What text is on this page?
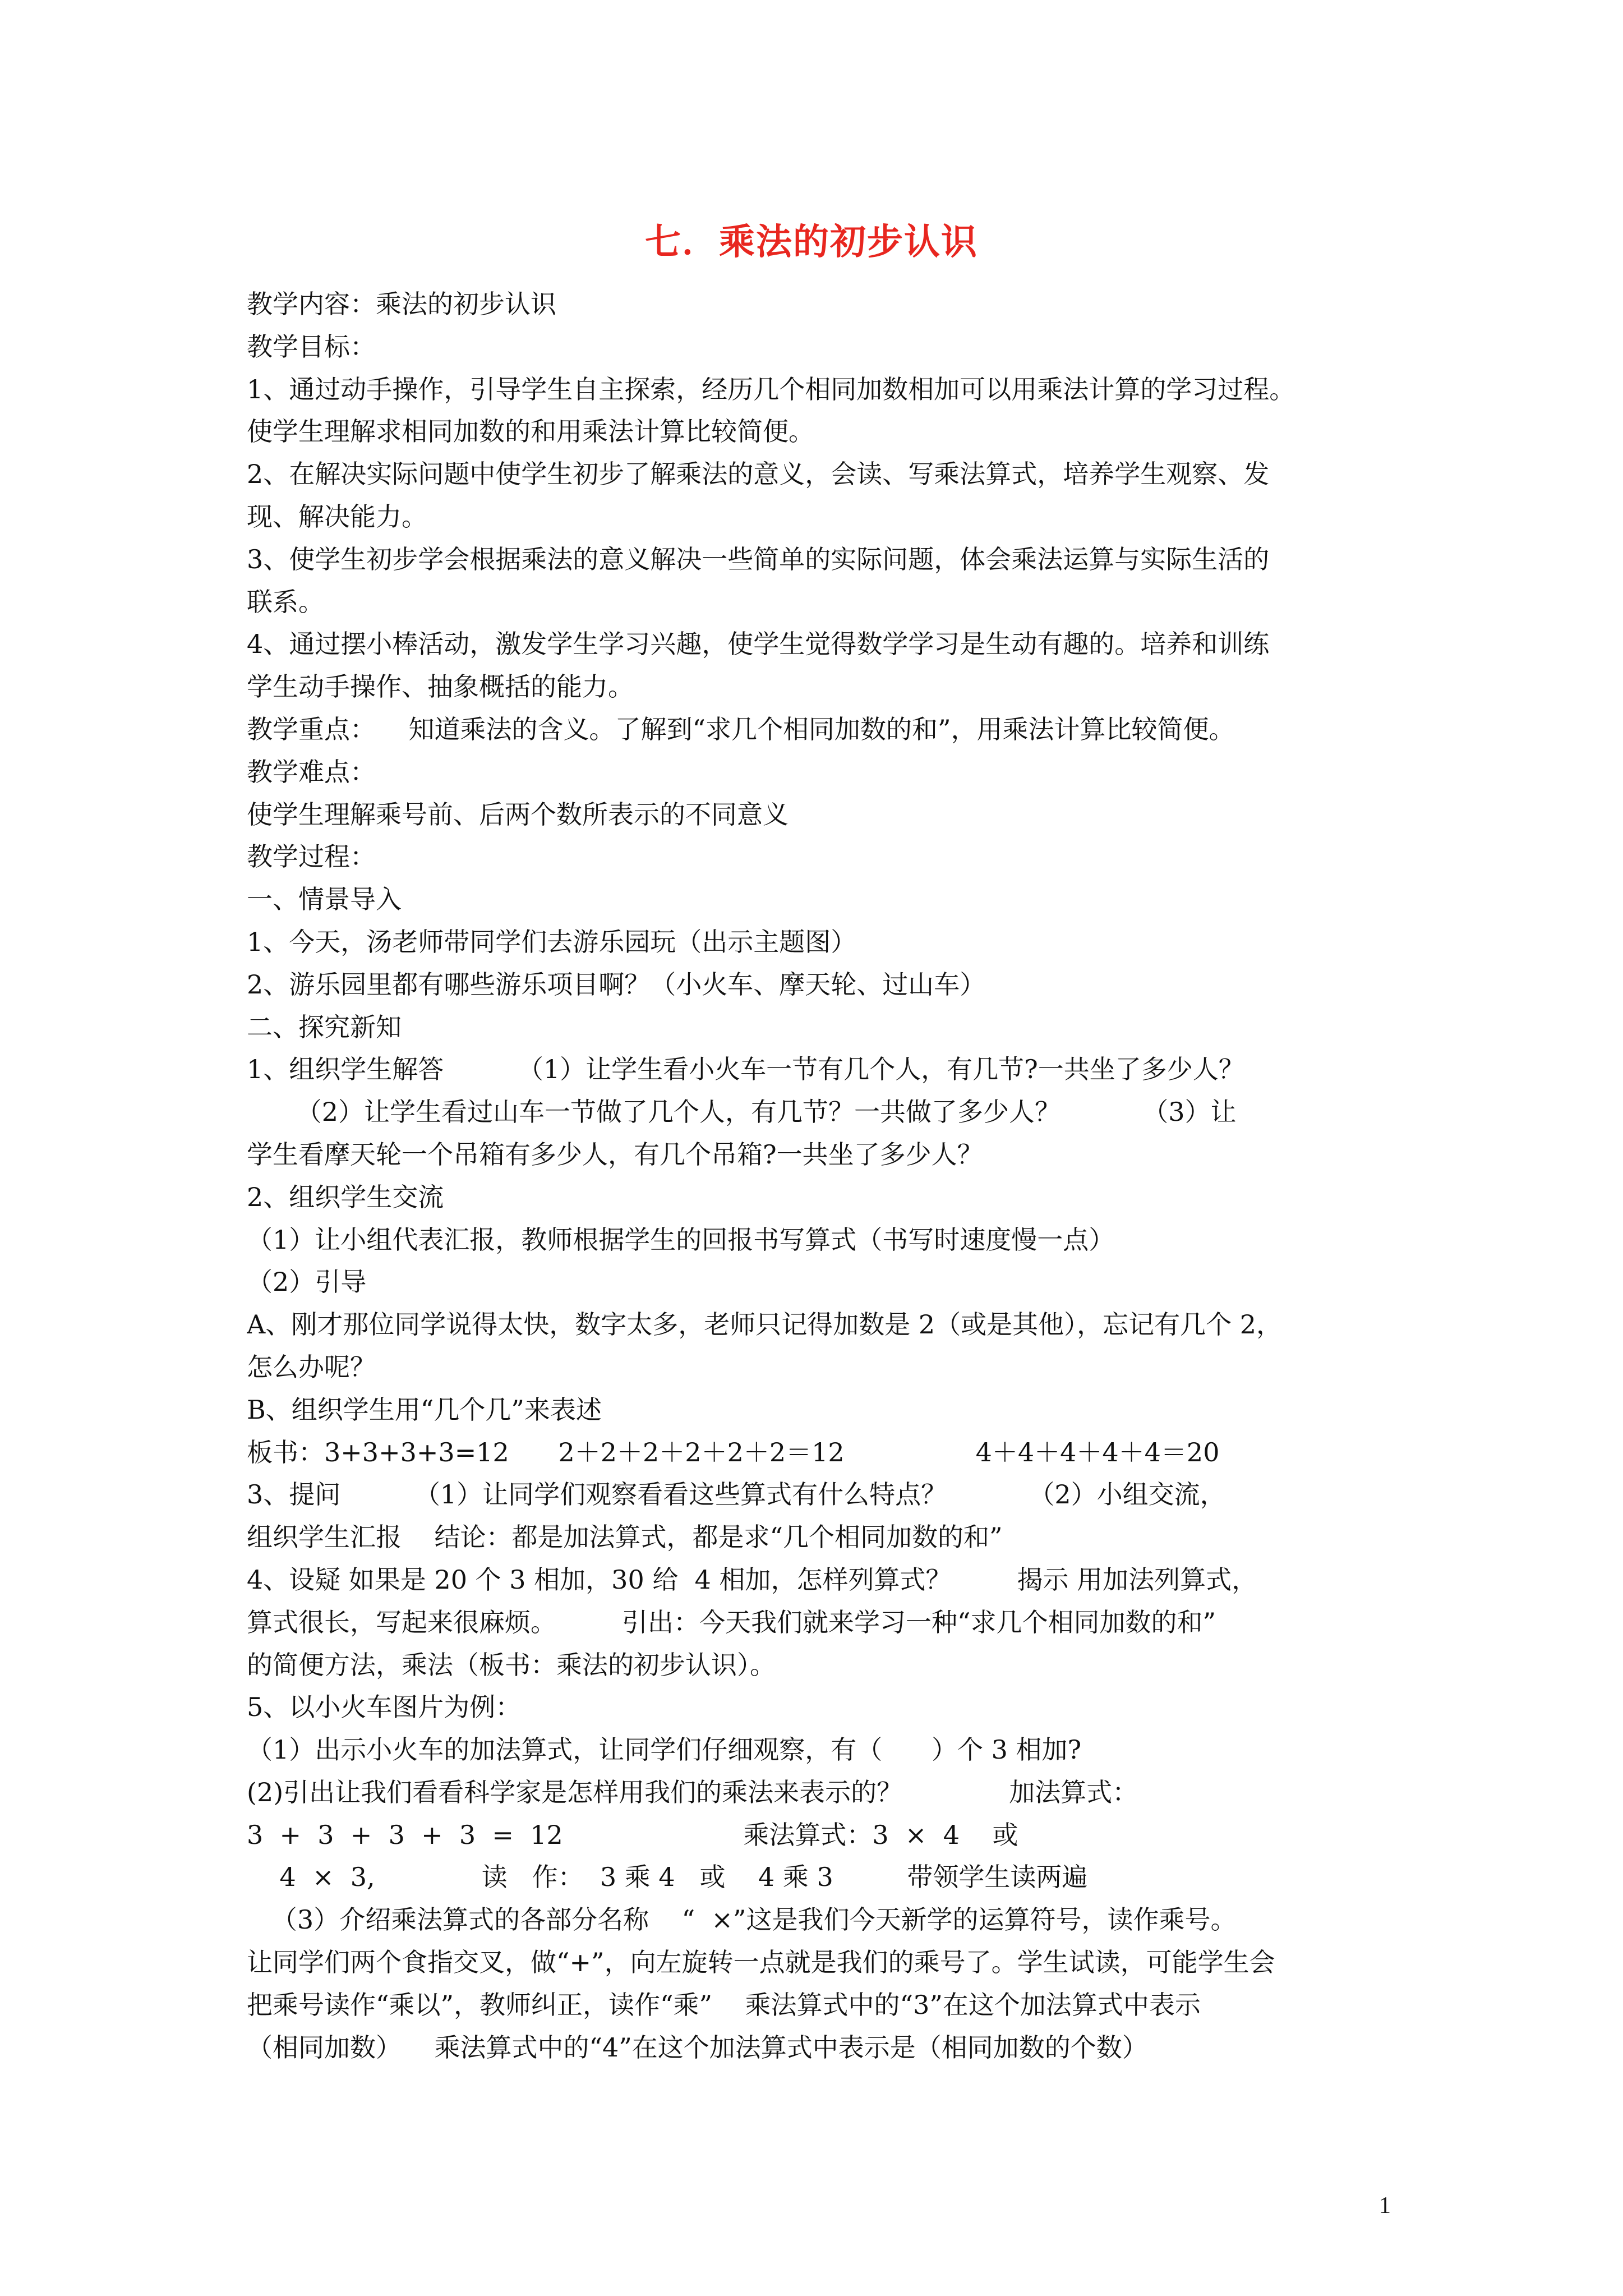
七．乘法的初步认识
教学内容：乘法的初步认识
教学目标：
1、通过动手操作，引导学生自主探索，经历几个相同加数相加可以用乘法计算的学习过程。
使学生理解求相同加数的和用乘法计算比较简便。
2、在解决实际问题中使学生初步了解乘法的意义，会读、写乘法算式，培养学生观察、发
现、解决能力。
3、使学生初步学会根据乘法的意义解决一些简单的实际问题，体会乘法运算与实际生活的
联系。
4、通过摆小棒活动，激发学生学习兴趣，使学生觉得数学学习是生动有趣的。培养和训练
学生动手操作、抽象概括的能力。
教学重点：    知道乘法的含义。了解到“求几个相同加数的和”，用乘法计算比较简便。
教学难点：
使学生理解乘号前、后两个数所表示的不同意义
教学过程：
一、情景导入
1、今天，汤老师带同学们去游乐园玩（出示主题图）
2、游乐园里都有哪些游乐项目啊？（小火车、摩天轮、过山车）
二、探究新知
1、组织学生解答         （1）让学生看小火车一节有几个人，有几节?一共坐了多少人？
（2）让学生看过山车一节做了几个人，有几节？一共做了多少人？          （3）让
学生看摩天轮一个吊箱有多少人，有几个吊箱?一共坐了多少人？
2、组织学生交流
（1）让小组代表汇报，教师根据学生的回报书写算式（书写时速度慢一点）
（2）引导
A、刚才那位同学说得太快，数字太多，老师只记得加数是 2（或是其他），忘记有几个 2，
怎么办呢？
B、组织学生用“几个几”来表述
板书：3+3+3+3=12      2＋2＋2＋2＋2＋2＝12                4＋4＋4＋4＋4＝20
3、提问         （1）让同学们观察看看这些算式有什么特点？          （2）小组交流，
组织学生汇报    结论：都是加法算式，都是求“几个相同加数的和”
4、设疑 如果是 20 个 3 相加，30 给  4 相加，怎样列算式？        揭示 用加法列算式，
算式很长，写起来很麻烦。        引出：今天我们就来学习一种“求几个相同加数的和”
的简便方法，乘法（板书：乘法的初步认识）。
5、以小火车图片为例：
（1）出示小火车的加法算式，让同学们仔细观察，有（      ）个 3 相加?
(2)引出让我们看看科学家是怎样用我们的乘法来表示的？             加法算式：
3  +  3  +  3  +  3  =  12                      乘法算式：3  ×  4    或
4  ×  3,             读   作：  3 乘 4   或    4 乘 3         带领学生读两遍
（3）介绍乘法算式的各部分名称    “  ×”这是我们今天新学的运算符号，读作乘号。
让同学们两个食指交叉，做“+”，向左旋转一点就是我们的乘号了。学生试读，可能学生会
把乘号读作“乘以”，教师纠正，读作“乘”    乘法算式中的“3”在这个加法算式中表示
（相同加数）    乘法算式中的“4”在这个加法算式中表示是（相同加数的个数）
1
